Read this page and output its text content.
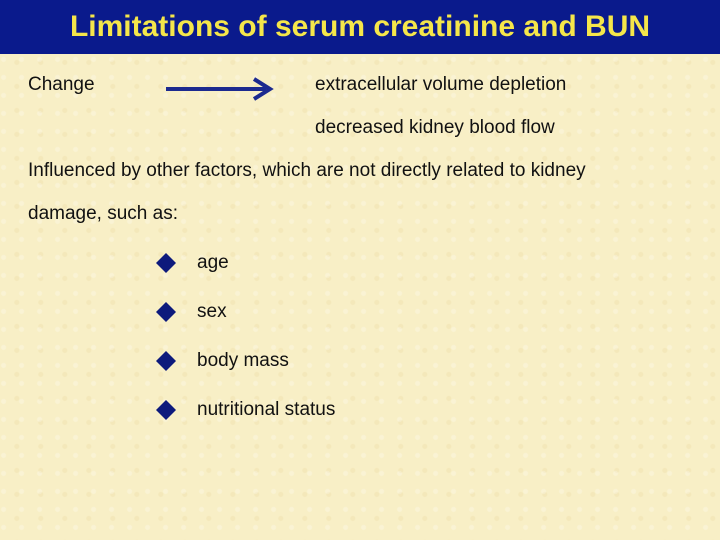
Limitations of serum creatinine and BUN
Change	extracellular volume depletion
decreased kidney blood flow
Influenced by other factors, which are not directly related to kidney
damage, such as:
age
sex
body mass
nutritional status
